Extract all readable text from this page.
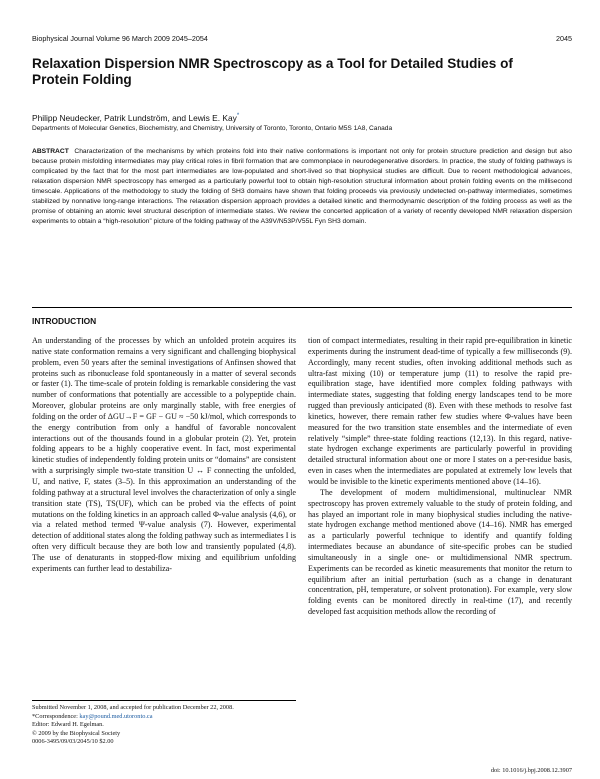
Biophysical Journal Volume 96 March 2009 2045–2054	2045
Relaxation Dispersion NMR Spectroscopy as a Tool for Detailed Studies of Protein Folding
Philipp Neudecker, Patrik Lundström, and Lewis E. Kay*
Departments of Molecular Genetics, Biochemistry, and Chemistry, University of Toronto, Toronto, Ontario M5S 1A8, Canada
ABSTRACT Characterization of the mechanisms by which proteins fold into their native conformations is important not only for protein structure prediction and design but also because protein misfolding intermediates may play critical roles in fibril formation that are commonplace in neurodegenerative disorders. In practice, the study of folding pathways is complicated by the fact that for the most part intermediates are low-populated and short-lived so that biophysical studies are difficult. Due to recent methodological advances, relaxation dispersion NMR spectroscopy has emerged as a particularly powerful tool to obtain high-resolution structural information about protein folding events on the millisecond timescale. Applications of the methodology to study the folding of SH3 domains have shown that folding proceeds via previously undetected on-pathway intermediates, sometimes stabilized by nonnative long-range interactions. The relaxation dispersion approach provides a detailed kinetic and thermodynamic description of the folding process as well as the promise of obtaining an atomic level structural description of intermediate states. We review the concerted application of a variety of recently developed NMR relaxation dispersion experiments to obtain a “high-resolution” picture of the folding pathway of the A39V/N53P/V55L Fyn SH3 domain.
INTRODUCTION

An understanding of the processes by which an unfolded protein acquires its native state conformation remains a very significant and challenging biophysical problem, even 50 years after the seminal investigations of Anfinsen showed that proteins such as ribonuclease fold spontaneously in a matter of several seconds or faster (1). The time-scale of protein folding is remarkable considering the vast number of conformations that potentially are accessible to a polypeptide chain. Moreover, globular proteins are only marginally stable, with free energies of folding on the order of ΔGU→F = GF − GU ≈ −50 kJ/mol, which corresponds to the energy contribution from only a handful of favorable noncovalent interactions out of the thousands found in a globular protein (2). Yet, protein folding appears to be a highly cooperative event. In fact, most experimental kinetic studies of independently folding protein units or “domains” are consistent with a surprisingly simple two-state transition U ↔ F connecting the unfolded, U, and native, F, states (3–5). In this approximation an understanding of the folding pathway at a structural level involves the characterization of only a single transition state (TS), TS(UF), which can be probed via the effects of point mutations on the folding kinetics in an approach called Φ-value analysis (4,6), or via a related method termed Ψ-value analysis (7). However, experimental detection of additional states along the folding pathway such as intermediates I is often very difficult because they are both low and transiently populated (4,8). The use of denaturants in stopped-flow mixing and equilibrium unfolding experiments can further lead to destabiliza-

tion of compact intermediates, resulting in their rapid pre-equilibration in kinetic experiments during the instrument dead-time of typically a few milliseconds (9). Accordingly, many recent studies, often invoking additional methods such as ultra-fast mixing (10) or temperature jump (11) to resolve the rapid pre-equilibration stage, have identified more complex folding pathways with intermediate states, suggesting that folding energy landscapes tend to be more rugged than previously anticipated (8). Even with these methods to resolve fast kinetics, however, there remain rather few studies where Φ-values have been measured for the two transition state ensembles and the intermediate of even relatively “simple” three-state folding reactions (12,13). In this regard, native-state hydrogen exchange experiments are particularly powerful in providing detailed structural information about one or more I states on a per-residue basis, even in cases when the intermediates are populated at extremely low levels that would be invisible to the kinetic experiments mentioned above (14–16).

The development of modern multidimensional, multinuclear NMR spectroscopy has proven extremely valuable to the study of protein folding, and has played an important role in many biophysical studies including the native-state hydrogen exchange method mentioned above (14–16). NMR has emerged as a particularly powerful technique to identify and quantify folding intermediates because an abundance of site-specific probes can be studied simultaneously in a single one- or multidimensional NMR spectrum. Experiments can be recorded as kinetic measurements that monitor the return to equilibrium after an initial perturbation (such as a change in denaturant concentration, pH, temperature, or solvent protonation). For example, very slow folding events can be monitored directly in real-time (17), and recently developed fast acquisition methods allow the recording of

Submitted November 1, 2008, and accepted for publication December 22, 2008.
*Correspondence: kay@pound.med.utoronto.ca
Editor: Edward H. Egelman.
© 2009 by the Biophysical Society
0006-3495/09/03/2045/10 $2.00
doi: 10.1016/j.bpj.2008.12.3907
